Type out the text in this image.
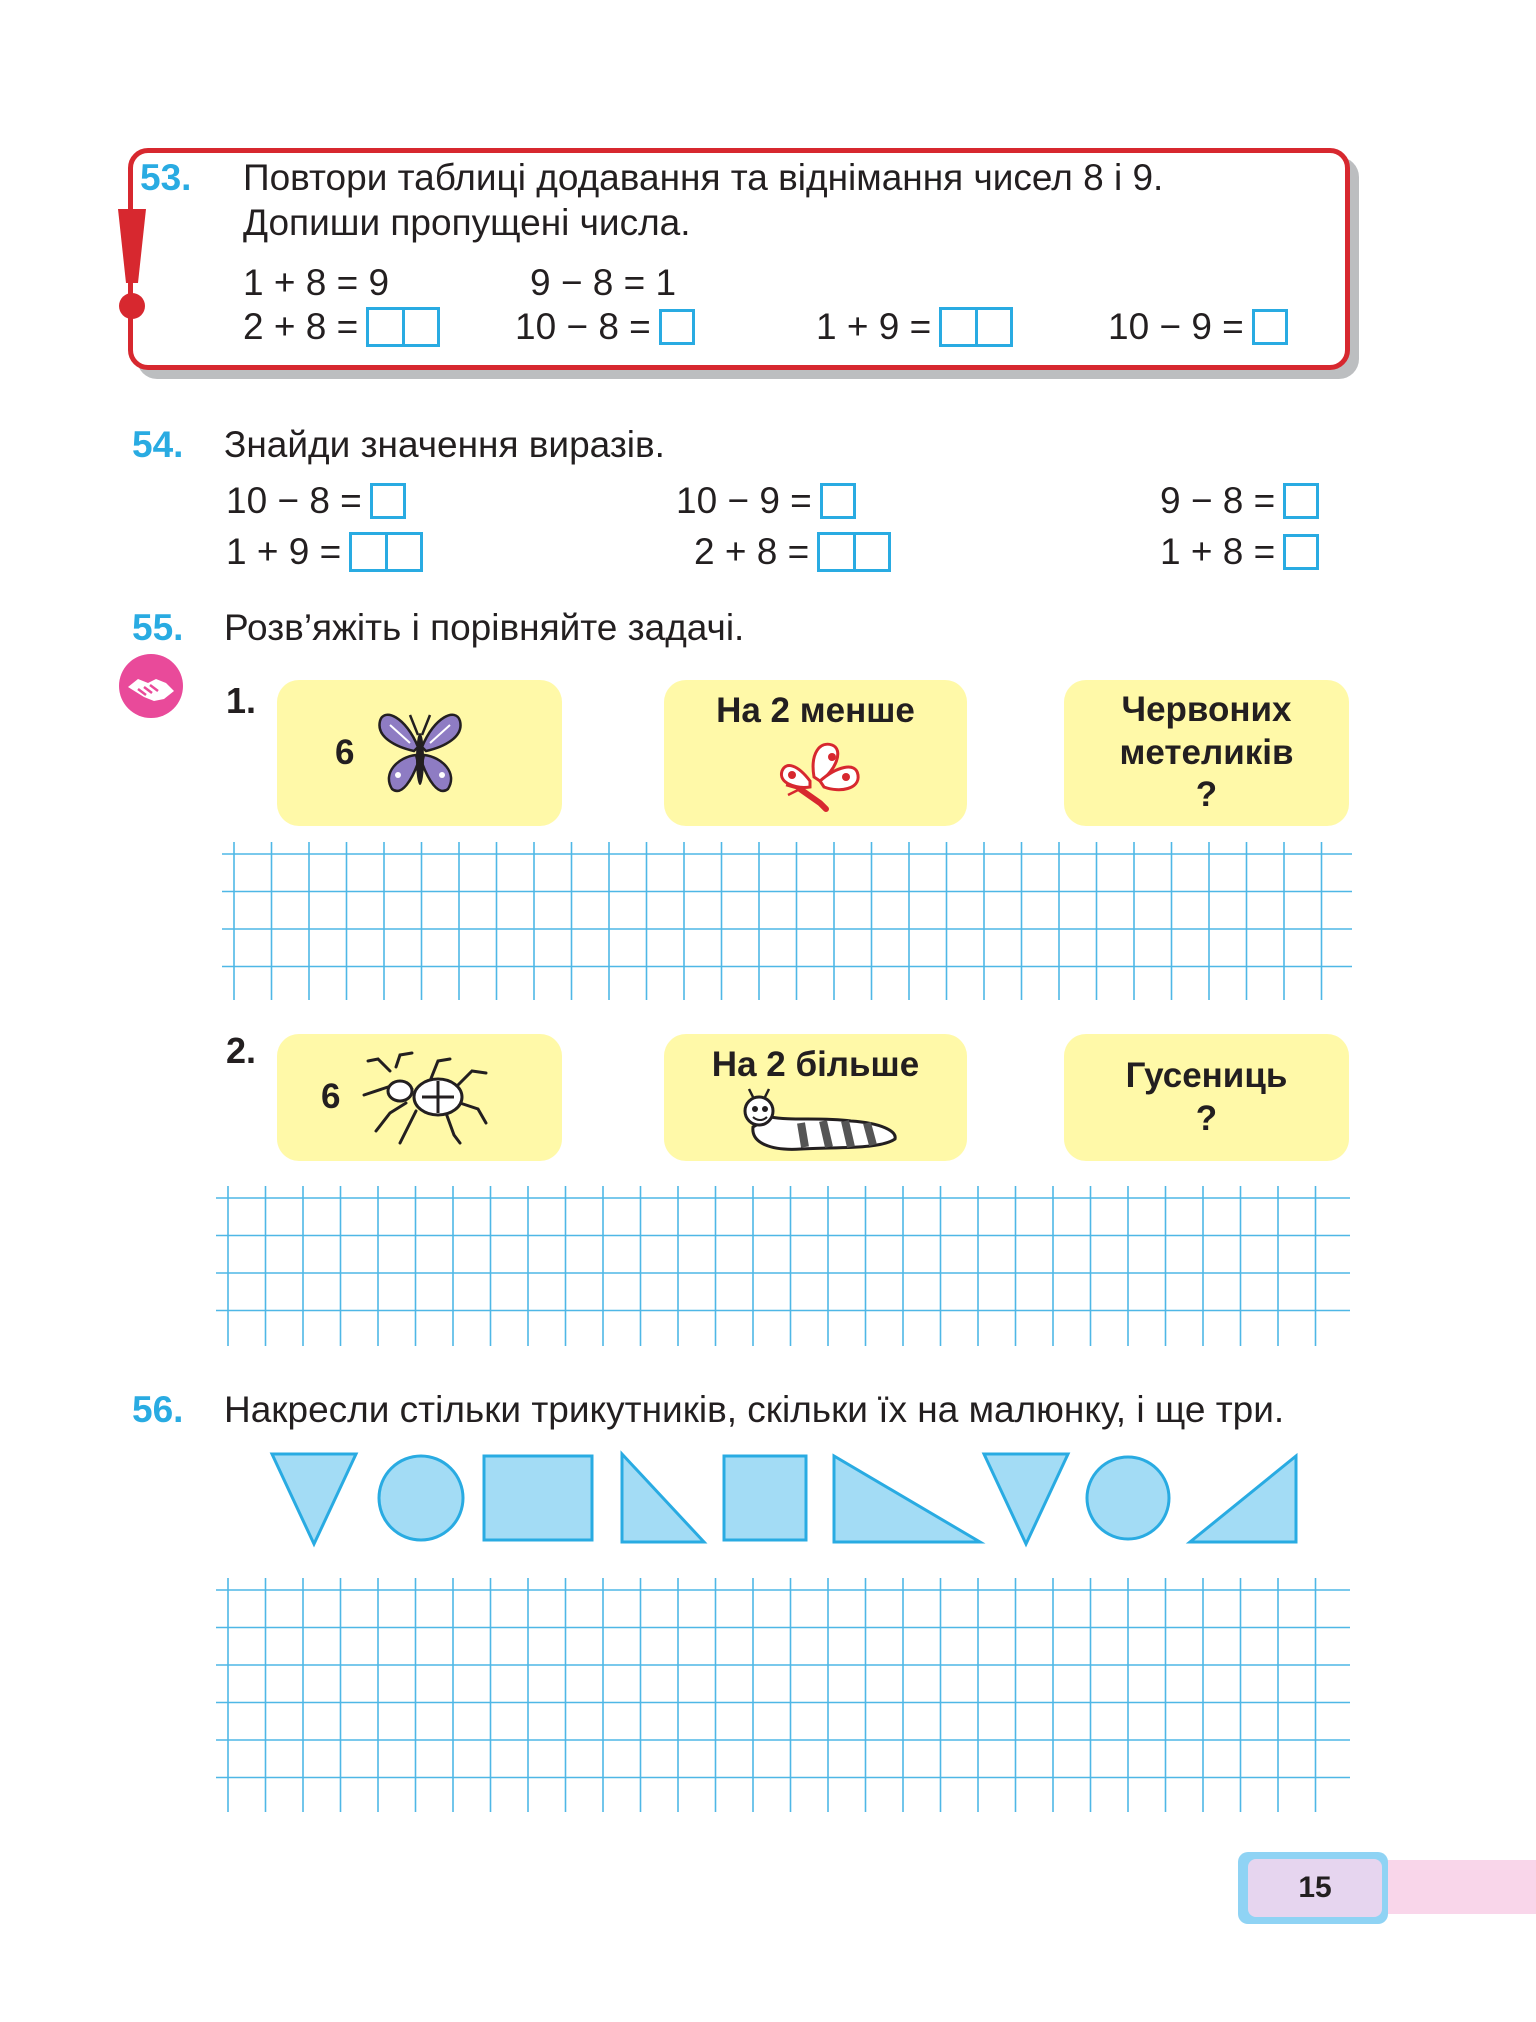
53. Повтори таблиці додавання та віднімання чисел 8 і 9.
Допиши пропущені числа.
1 + 8 = 9	9 − 8 = 1
2 + 8 =	10 − 8 =	1 + 9 =	10 − 9 =
54. Знайди значення виразів.
10 − 8 =	10 − 9 =	9 − 8 =
1 + 9 =	2 + 8 =	1 + 8 =
55. Розв’яжіть і порівняйте задачі.
1.
6
На 2 менше	Червоних
метеликів
?
2.
6
На 2 більше	Гусениць
?
56. Накресли стільки трикутників, скільки їх на малюнку, і ще три.
15
